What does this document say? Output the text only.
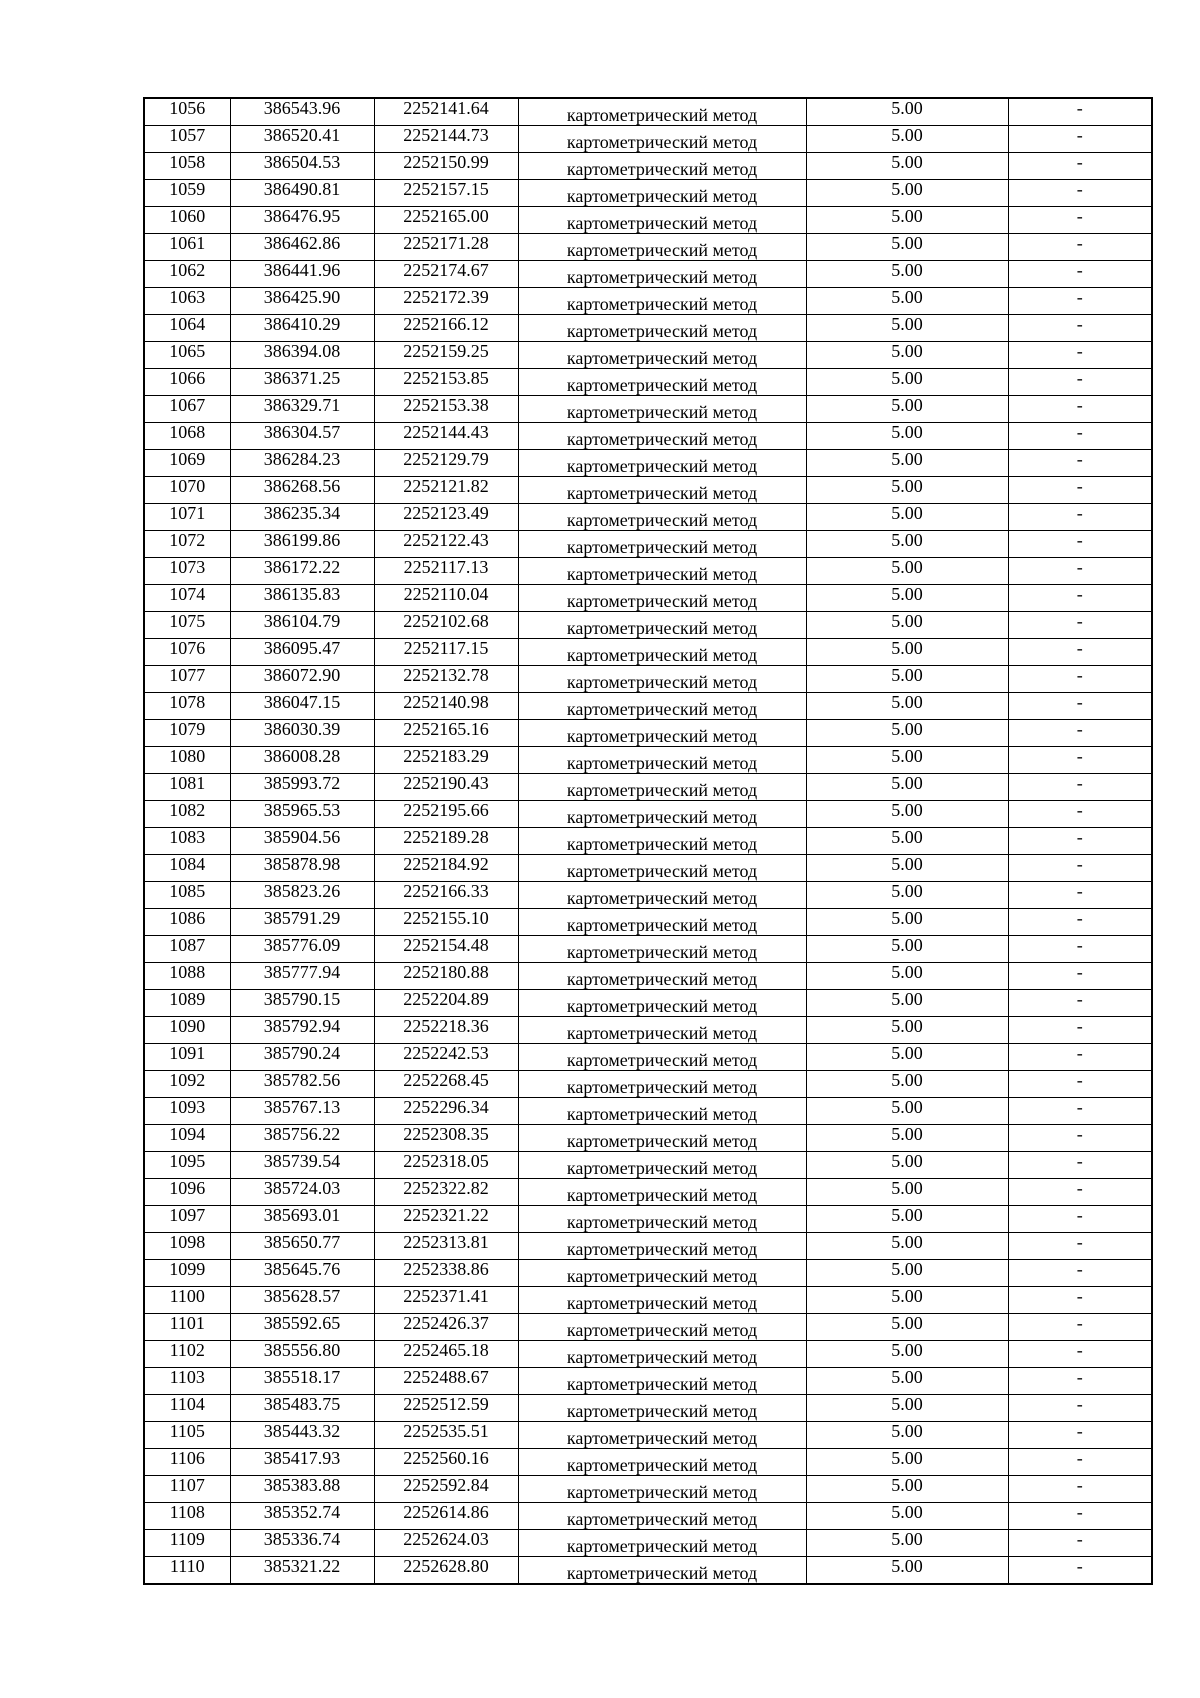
1056	386543.96	2252141.64	картометрический метод	5.00	-
1057	386520.41	2252144.73	картометрический метод	5.00	-
1058	386504.53	2252150.99	картометрический метод	5.00	-
1059	386490.81	2252157.15	картометрический метод	5.00	-
1060	386476.95	2252165.00	картометрический метод	5.00	-
1061	386462.86	2252171.28	картометрический метод	5.00	-
1062	386441.96	2252174.67	картометрический метод	5.00	-
1063	386425.90	2252172.39	картометрический метод	5.00	-
1064	386410.29	2252166.12	картометрический метод	5.00	-
1065	386394.08	2252159.25	картометрический метод	5.00	-
1066	386371.25	2252153.85	картометрический метод	5.00	-
1067	386329.71	2252153.38	картометрический метод	5.00	-
1068	386304.57	2252144.43	картометрический метод	5.00	-
1069	386284.23	2252129.79	картометрический метод	5.00	-
1070	386268.56	2252121.82	картометрический метод	5.00	-
1071	386235.34	2252123.49	картометрический метод	5.00	-
1072	386199.86	2252122.43	картометрический метод	5.00	-
1073	386172.22	2252117.13	картометрический метод	5.00	-
1074	386135.83	2252110.04	картометрический метод	5.00	-
1075	386104.79	2252102.68	картометрический метод	5.00	-
1076	386095.47	2252117.15	картометрический метод	5.00	-
1077	386072.90	2252132.78	картометрический метод	5.00	-
1078	386047.15	2252140.98	картометрический метод	5.00	-
1079	386030.39	2252165.16	картометрический метод	5.00	-
1080	386008.28	2252183.29	картометрический метод	5.00	-
1081	385993.72	2252190.43	картометрический метод	5.00	-
1082	385965.53	2252195.66	картометрический метод	5.00	-
1083	385904.56	2252189.28	картометрический метод	5.00	-
1084	385878.98	2252184.92	картометрический метод	5.00	-
1085	385823.26	2252166.33	картометрический метод	5.00	-
1086	385791.29	2252155.10	картометрический метод	5.00	-
1087	385776.09	2252154.48	картометрический метод	5.00	-
1088	385777.94	2252180.88	картометрический метод	5.00	-
1089	385790.15	2252204.89	картометрический метод	5.00	-
1090	385792.94	2252218.36	картометрический метод	5.00	-
1091	385790.24	2252242.53	картометрический метод	5.00	-
1092	385782.56	2252268.45	картометрический метод	5.00	-
1093	385767.13	2252296.34	картометрический метод	5.00	-
1094	385756.22	2252308.35	картометрический метод	5.00	-
1095	385739.54	2252318.05	картометрический метод	5.00	-
1096	385724.03	2252322.82	картометрический метод	5.00	-
1097	385693.01	2252321.22	картометрический метод	5.00	-
1098	385650.77	2252313.81	картометрический метод	5.00	-
1099	385645.76	2252338.86	картометрический метод	5.00	-
1100	385628.57	2252371.41	картометрический метод	5.00	-
1101	385592.65	2252426.37	картометрический метод	5.00	-
1102	385556.80	2252465.18	картометрический метод	5.00	-
1103	385518.17	2252488.67	картометрический метод	5.00	-
1104	385483.75	2252512.59	картометрический метод	5.00	-
1105	385443.32	2252535.51	картометрический метод	5.00	-
1106	385417.93	2252560.16	картометрический метод	5.00	-
1107	385383.88	2252592.84	картометрический метод	5.00	-
1108	385352.74	2252614.86	картометрический метод	5.00	-
1109	385336.74	2252624.03	картометрический метод	5.00	-
1110	385321.22	2252628.80	картометрический метод	5.00	-
